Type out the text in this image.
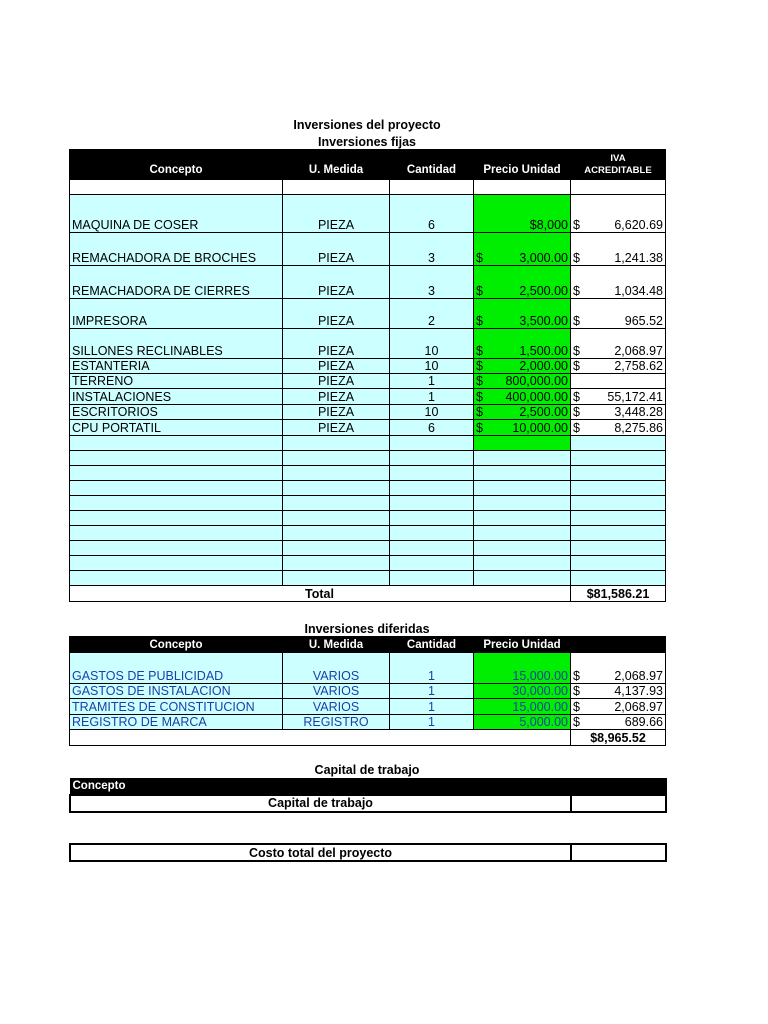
Inversiones del proyecto
Inversiones fijas
Concepto	U. Medida	Cantidad	Precio Unidad	IVA
ACREDITABLE

MAQUINA DE COSER	PIEZA	6	$8,000	$ 6,620.69

REMACHADORA DE BROCHES	PIEZA	3	$ 3,000.00	$ 1,241.38

REMACHADORA DE CIERRES	PIEZA	3	$ 2,500.00	$ 1,034.48

IMPRESORA	PIEZA	2	$ 3,500.00	$ 965.52

SILLONES RECLINABLES	PIEZA	10	$ 1,500.00	$ 2,068.97

ESTANTERIA	PIEZA	10	$ 2,000.00	$ 2,758.62

TERRENO	PIEZA	1	$ 800,000.00	

INSTALACIONES	PIEZA	1	$ 400,000.00	$ 55,172.41

ESCRITORIOS	PIEZA	10	$ 2,500.00	$ 3,448.28

CPU PORTATIL	PIEZA	6	$ 10,000.00	$ 8,275.86

Total				$81,586.21
Inversiones diferidas
Concepto	U. Medida	Cantidad	Precio Unidad	
GASTOS DE PUBLICIDAD	VARIOS	1	15,000.00	$ 2,068.97

GASTOS DE INSTALACION	VARIOS	1	30,000.00	$ 4,137.93

TRAMITES DE CONSTITUCION	VARIOS	1	15,000.00	$ 2,068.97

REGISTRO DE MARCA	REGISTRO	1	5,000.00	$ 689.66

				$8,965.52
Capital de trabajo
Concepto
Capital de trabajo	
Costo total del proyecto	
